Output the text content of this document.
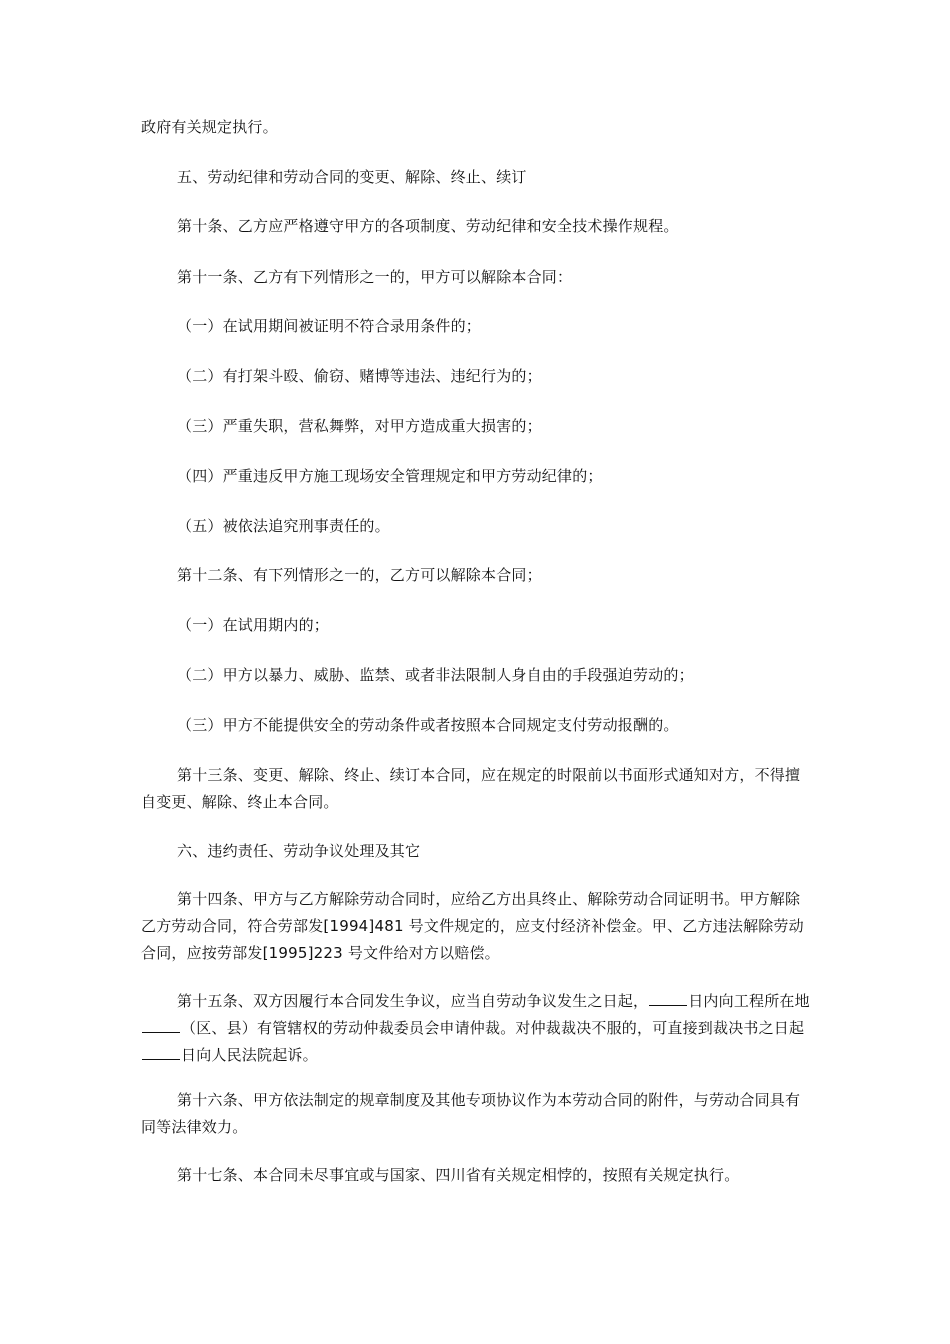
政府有关规定执行。

五、劳动纪律和劳动合同的变更、解除、终止、续订

第十条、乙方应严格遵守甲方的各项制度、劳动纪律和安全技术操作规程。

第十一条、乙方有下列情形之一的，甲方可以解除本合同：

（一）在试用期间被证明不符合录用条件的；

（二）有打架斗殴、偷窃、赌博等违法、违纪行为的；

（三）严重失职，营私舞弊，对甲方造成重大损害的；

（四）严重违反甲方施工现场安全管理规定和甲方劳动纪律的；

（五）被依法追究刑事责任的。

第十二条、有下列情形之一的，乙方可以解除本合同；

（一）在试用期内的；

（二）甲方以暴力、威胁、监禁、或者非法限制人身自由的手段强迫劳动的；

（三）甲方不能提供安全的劳动条件或者按照本合同规定支付劳动报酬的。

第十三条、变更、解除、终止、续订本合同，应在规定的时限前以书面形式通知对方，不得擅自变更、解除、终止本合同。

六、违约责任、劳动争议处理及其它

第十四条、甲方与乙方解除劳动合同时，应给乙方出具终止、解除劳动合同证明书。甲方解除乙方劳动合同，符合劳部发[1994]481 号文件规定的，应支付经济补偿金。甲、乙方违法解除劳动合同，应按劳部发[1995]223 号文件给对方以赔偿。

第十五条、双方因履行本合同发生争议，应当自劳动争议发生之日起，	日内向工程所在地（区、县）有管辖权的劳动仲裁委员会申请仲裁。对仲裁裁决不服的，可直接到裁决书之日起日向人民法院起诉。

第十六条、甲方依法制定的规章制度及其他专项协议作为本劳动合同的附件，与劳动合同具有同等法律效力。

第十七条、本合同未尽事宜或与国家、四川省有关规定相悖的，按照有关规定执行。
